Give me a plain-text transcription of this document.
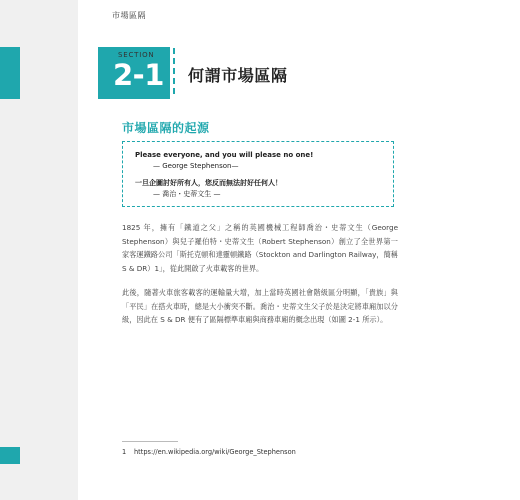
市場區隔
SECTION
2-1 何謂市場區隔
市場區隔的起源
Please everyone, and you will please no one!
— George Stephenson—
一旦企圖討好所有人，您反而無法討好任何人！
— 喬治・史蒂文生 —

1825 年，擁有「鐵道之父」之稱的英國機械工程師喬治・史蒂文生（George Stephenson）與兒子羅伯特・史蒂文生（Robert Stephenson）創立了全世界第一家客運鐵路公司「斯托克頓和達靈頓鐵路（Stockton and Darlington Railway，簡稱 S & DR）1」，從此開啟了火車載客的世界。

此後，隨著火車旅客載客的運輸量大增，加上當時英國社會階級區分明顯，「貴族」與「平民」在搭火車時，總是大小衝突不斷。喬治・史蒂文生父子於是決定將車廂加以分級，因此在 S & DR 便有了區隔標準車廂與商務車廂的概念出現（如圖 2-1 所示）。

1 https://en.wikipedia.org/wiki/George_Stephenson
2-2
